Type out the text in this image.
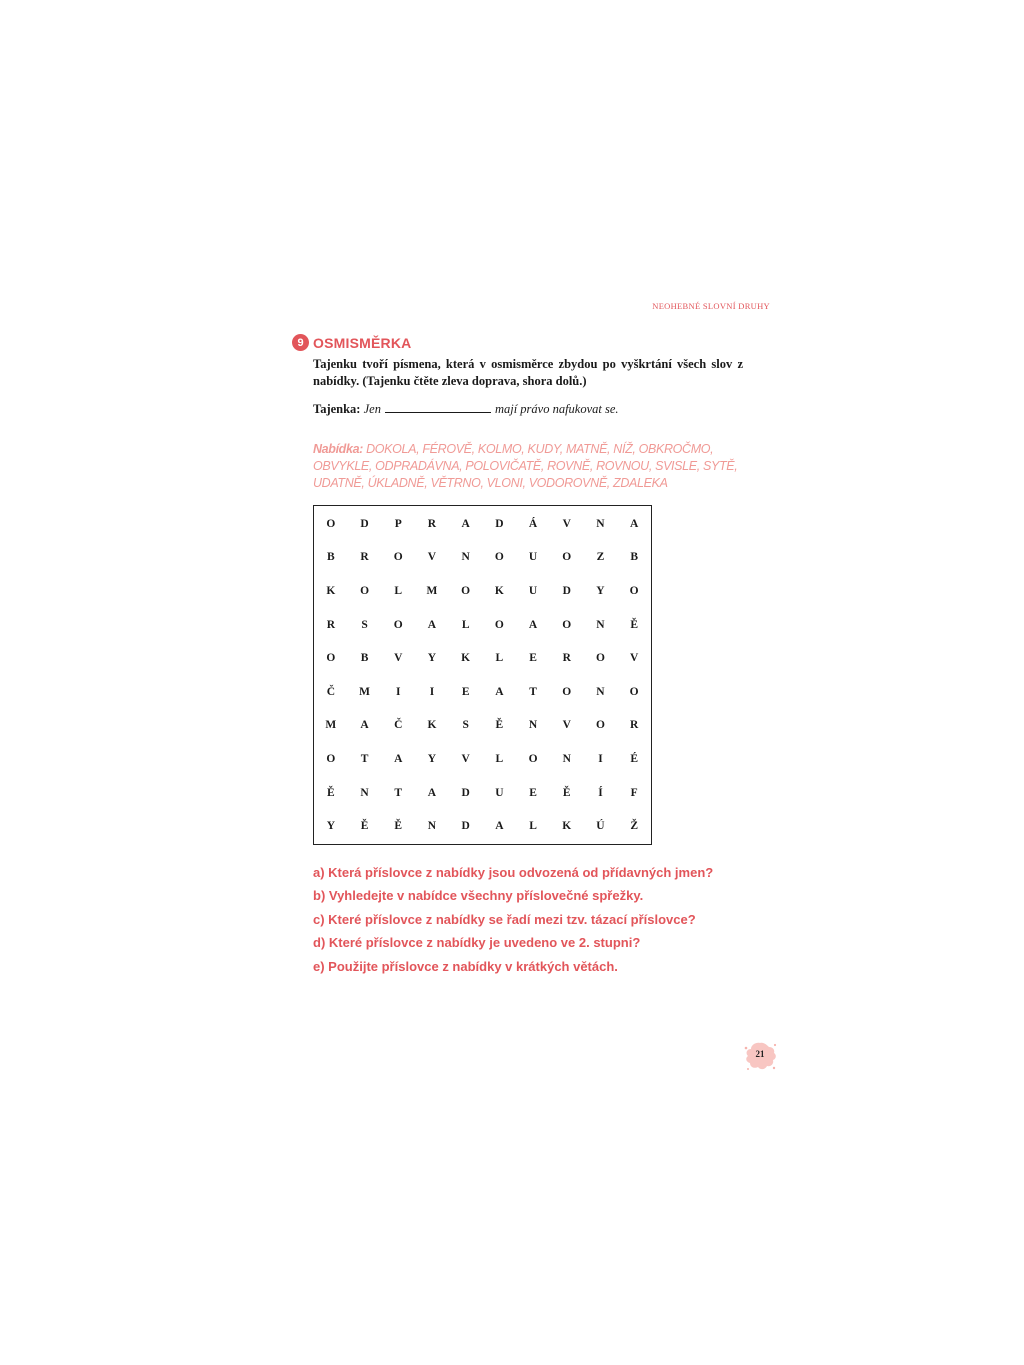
NEOHEBNÉ SLOVNÍ DRUHY
9 OSMISMĚRKA
Tajenku tvoří písmena, která v osmisměrce zbydou po vyškrtání všech slov z nabídky. (Tajenku čtěte zleva doprava, shora dolů.)
Tajenka: Jen	mají právo nafukovat se.
Nabídka: DOKOLA, FÉROVĚ, KOLMO, KUDY, MATNĚ, NÍŽ, OBKROČMO, OBVYKLE, ODPRADÁVNA, POLOVIČATĚ, ROVNĚ, ROVNOU, SVISLE, SYTĚ, UDATNĚ, ÚKLADNĚ, VĚTRNO, VLONI, VODOROVNĚ, ZDALEKA
O	D	P	R	A	D	Á	V	N	A
B	R	O	V	N	O	U	O	Z	B
K	O	L	M	O	K	U	D	Y	O
R	S	O	A	L	O	A	O	N	Ě
O	B	V	Y	K	L	E	R	O	V
Č	M	I	I	E	A	T	O	N	O
M	A	Č	K	S	Ě	N	V	O	R
O	T	A	Y	V	L	O	N	I	É
Ě	N	T	A	D	U	E	Ě	Í	F
Y	Ě	Ě	N	D	A	L	K	Ú	Ž
a) Která příslovce z nabídky jsou odvozená od přídavných jmen?
b) Vyhledejte v nabídce všechny příslovečné spřežky.
c) Které příslovce z nabídky se řadí mezi tzv. tázací příslovce?
d) Které příslovce z nabídky je uvedeno ve 2. stupni?
e) Použijte příslovce z nabídky v krátkých větách.
21
